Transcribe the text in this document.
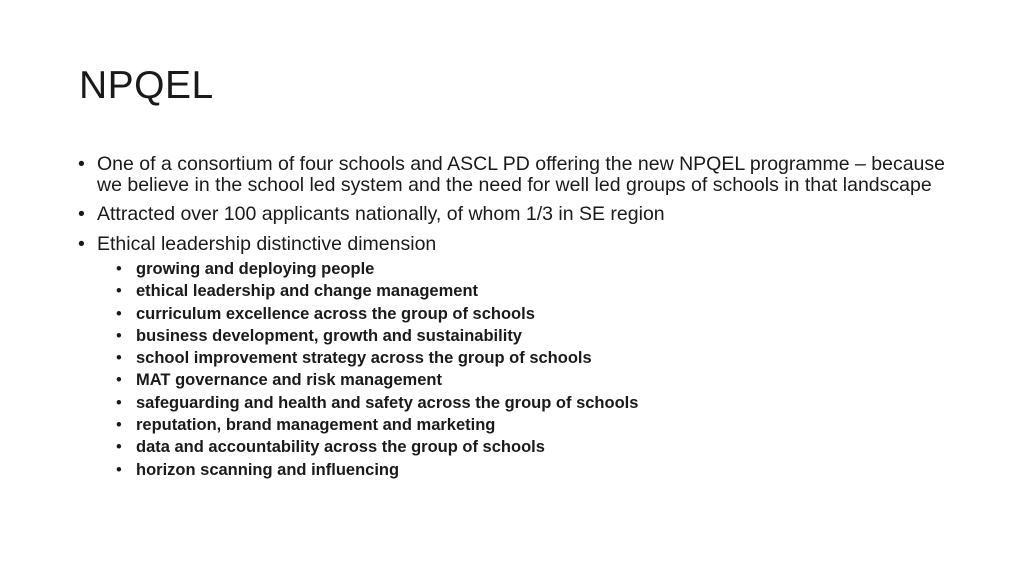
NPQEL
• One of a consortium of four schools and ASCL PD offering the new NPQEL programme – because we believe in the school led system and the need for well led groups of schools in that landscape
• Attracted over 100 applicants nationally, of whom 1/3 in SE region
• Ethical leadership distinctive dimension
• growing and deploying people
• ethical leadership and change management
• curriculum excellence across the group of schools
• business development, growth and sustainability
• school improvement strategy across the group of schools
• MAT governance and risk management
• safeguarding and health and safety across the group of schools
• reputation, brand management and marketing
• data and accountability across the group of schools
• horizon scanning and influencing
